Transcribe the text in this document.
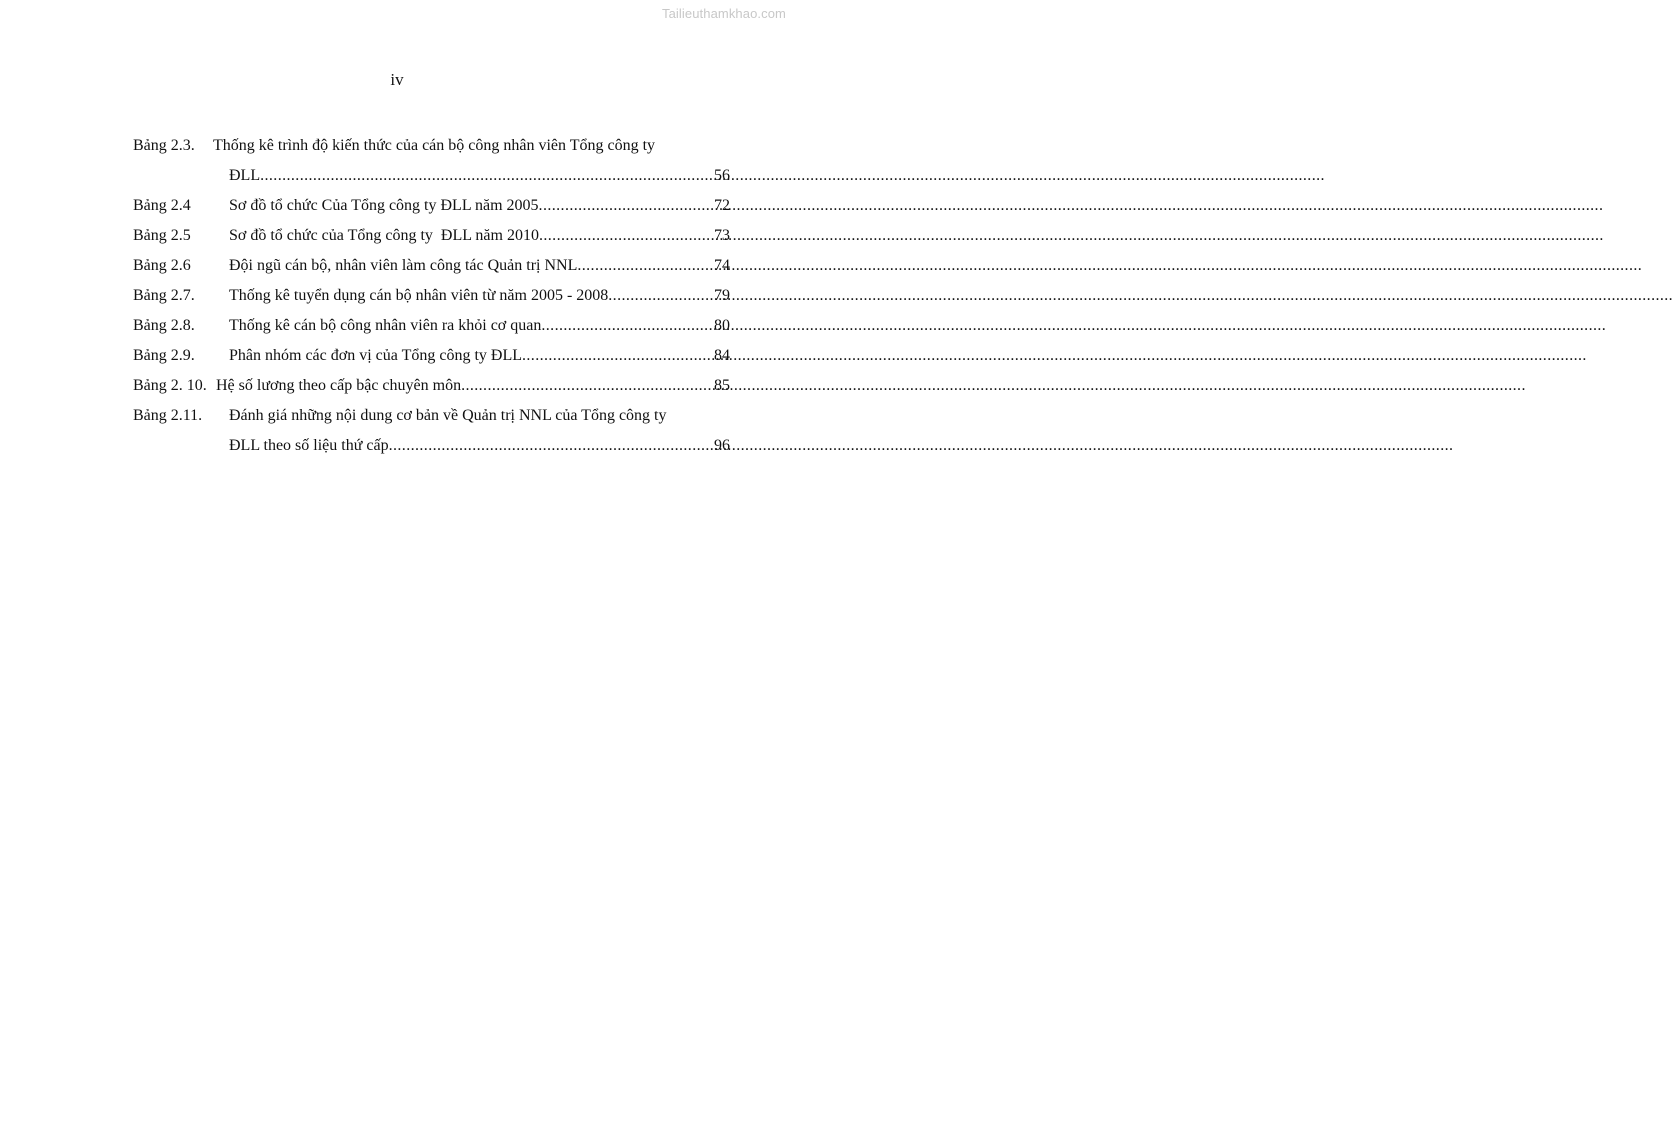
Tailieuthamkhao.com
iv
Bảng 2.3.	Thống kê trình độ kiến thức của cán bộ công nhân viên Tổng công ty
ĐLL .....	56
Bảng 2.4	Sơ đồ tổ chức Của Tổng công ty ĐLL năm 2005 .....	72
Bảng 2.5	Sơ đồ tổ chức của Tổng công ty  ĐLL năm 2010 .....	73
Bảng 2.6	Đội ngũ cán bộ, nhân viên làm công tác Quản trị NNL .....	74
Bảng 2.7.	Thống kê tuyển dụng cán bộ nhân viên từ năm 2005 - 2008 .....	79
Bảng 2.8.	Thống kê cán bộ công nhân viên ra khỏi cơ quan .....	80
Bảng 2.9.	Phân nhóm các đơn vị của Tổng công ty ĐLL .....	84
Bảng 2. 10. Hệ số lương theo cấp bậc chuyên môn .....	85
Bảng 2.11.	Đánh giá những nội dung cơ bản về Quản trị NNL của Tổng công ty
ĐLL theo số liệu thứ cấp .....	96
